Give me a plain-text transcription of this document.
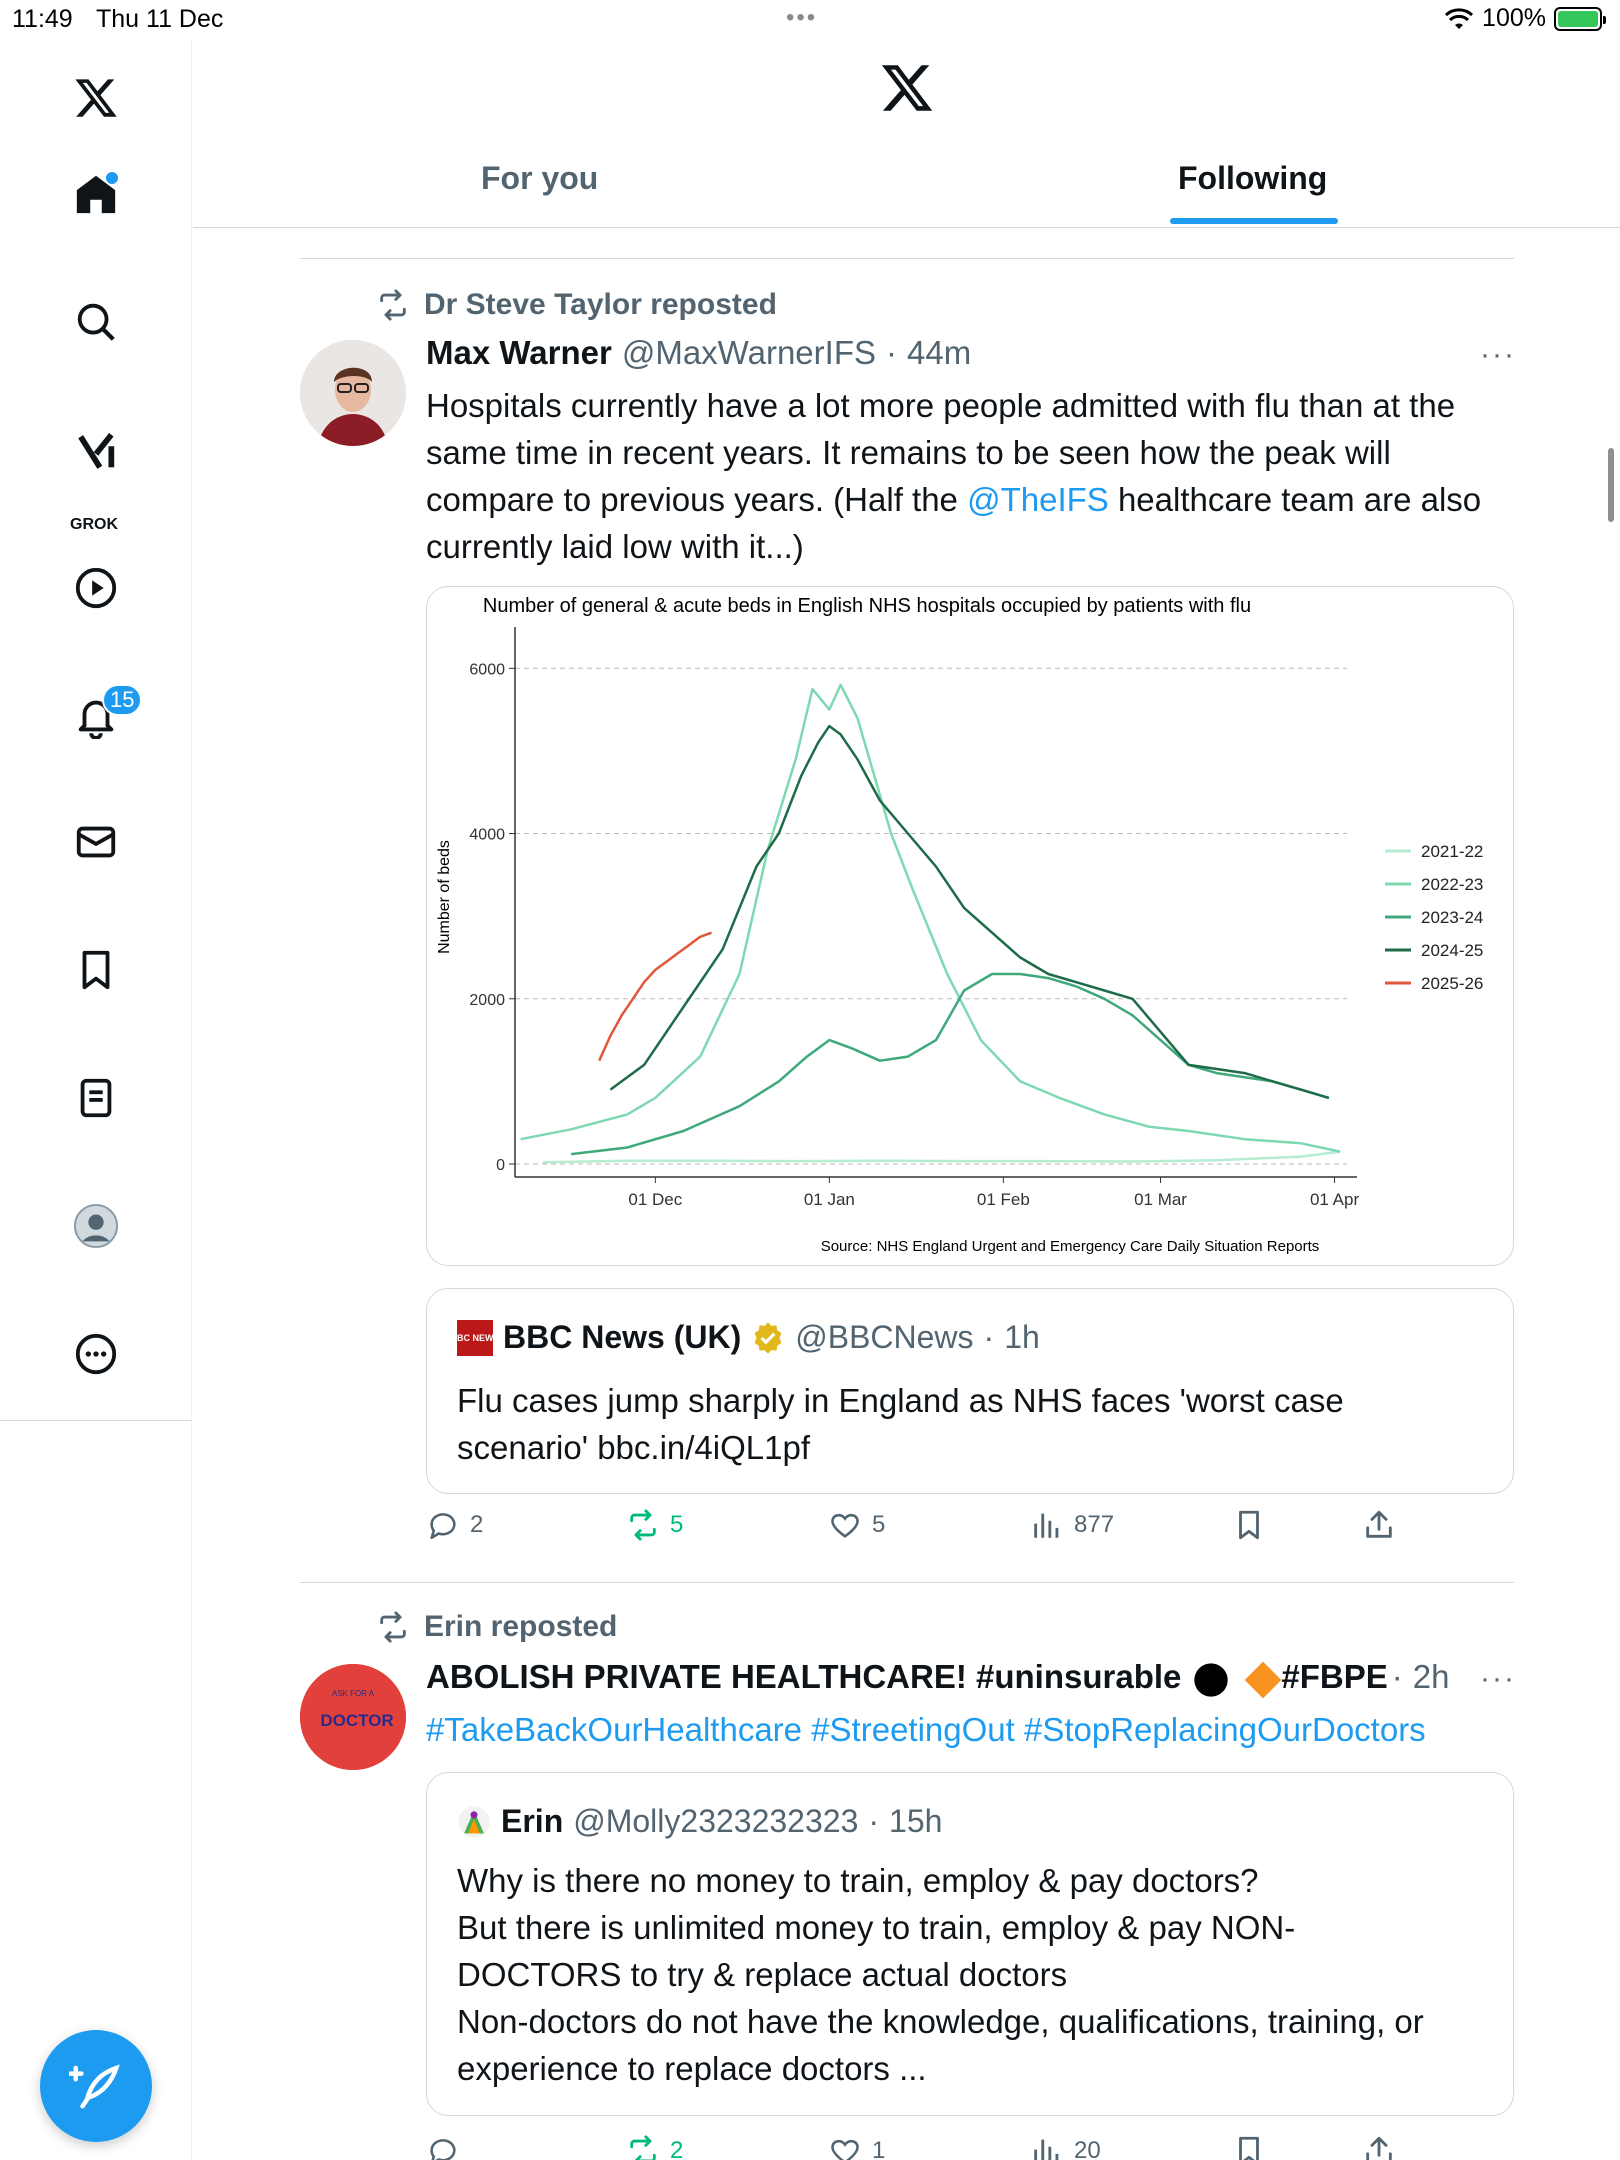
11:49 Thu 11 Dec	•••	100%
GROK
15
For you	Following
Dr Steve Taylor reposted
Max Warner @MaxWarnerIFS · 44m	···
Hospitals currently have a lot more people admitted with flu than at the same time in recent years. It remains to be seen how the peak will compare to previous years. (Half the @TheIFS healthcare team are also currently laid low with it...)
Number of general & acute beds in English NHS hospitals occupied by patients with flu
0
2000
4000
6000
Number of beds
01 Dec	01 Jan	01 Feb	01 Mar	01 Apr
2021-22
2022-23
2023-24
2024-25
2025-26
Source: NHS England Urgent and Emergency Care Daily Situation Reports
BBC NEWS BBC News (UK) @BBCNews · 1h
Flu cases jump sharply in England as NHS faces 'worst case scenario' bbc.in/4iQL1pf
2	5	5	877
Erin reposted
ASK FOR A
DOCTOR
ABOLISH PRIVATE HEALTHCARE! #uninsurable	#FBPE · 2h ···
#TakeBackOurHealthcare #StreetingOut #StopReplacingOurDoctors
Erin @Molly2323232323 · 15h
Why is there no money to train, employ & pay doctors?
But there is unlimited money to train, employ & pay NON-
DOCTORS to try & replace actual doctors
Non-doctors do not have the knowledge, qualifications, training, or
experience to replace doctors ...
2	1	20
